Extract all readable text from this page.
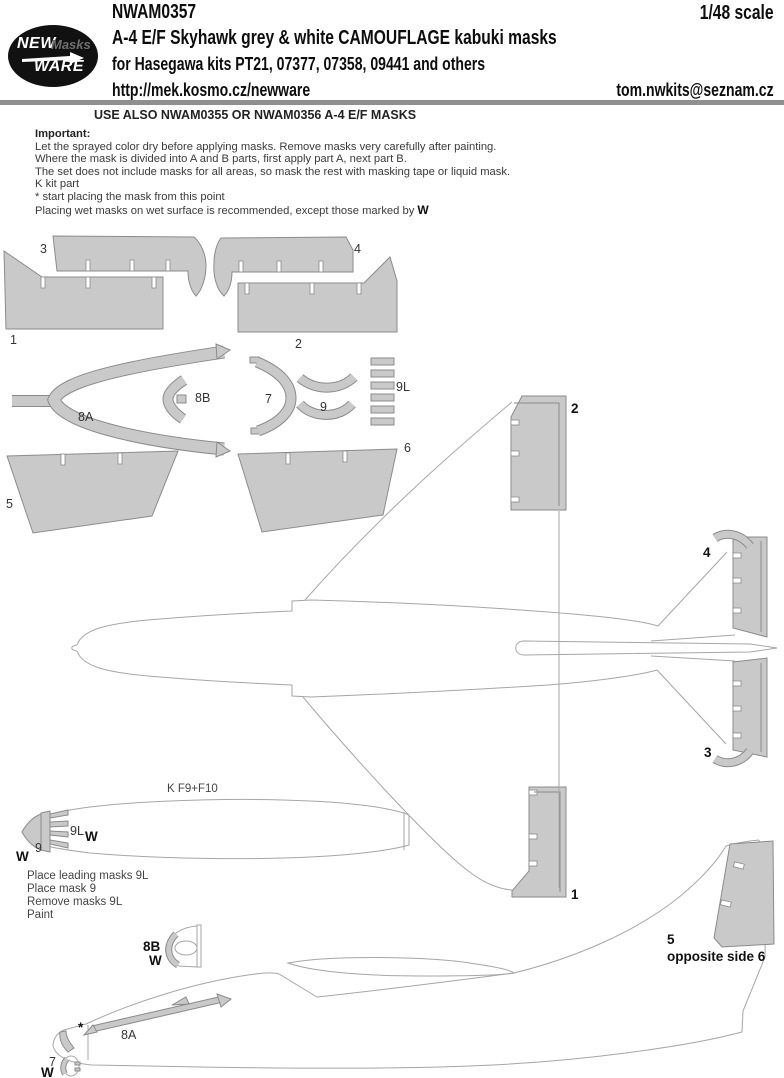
NEW
Masks
WARE
NWAM0357	1/48 scale
A-4 E/F Skyhawk grey & white CAMOUFLAGE kabuki masks
for Hasegawa kits PT21, 07377, 07358, 09441 and others
http://mek.kosmo.cz/newware	tom.nwkits@seznam.cz
USE ALSO NWAM0355 OR NWAM0356 A-4 E/F MASKS
Important:
Let the sprayed color dry before applying masks. Remove masks very carefully after painting.
Where the mask is divided into A and B parts, first apply part A, next part B.
The set does not include masks for all areas, so mask the rest with masking tape or liquid mask.
K kit part
* start placing the mask from this point
Placing wet masks on wet surface is recommended, except those marked by W
Place leading masks 9L
Place mask 9
Remove masks 9L
Paint
3	4
1	2
8A
8B	7
9
9L
5
6
2
1
4
3
K F9+F10
9L W
W
9
8B
W
8A
*
7
W
5
opposite side 6
